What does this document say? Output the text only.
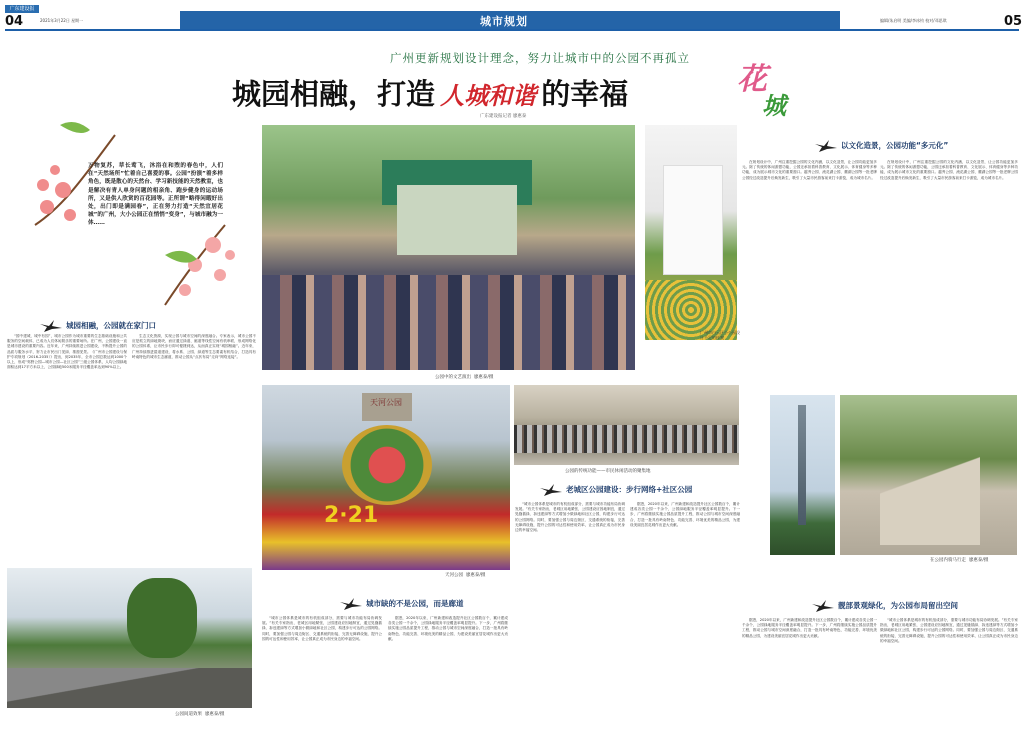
广东建设报
04	2021年3月22日 星期一	城市规划	编辑/朱启明 美编/李冰钧 校对/邓思琪	05
广州更新规划设计理念，努力让城市中的公园不再孤立
城园相融，打造 人城和谐 的幸福	花
城
广东建设报记者 廖惠泰
万物复苏，草长莺飞，沐浴在和煦的春色中，人们在“天然场所”忙着自己喜爱的事。公园“扮演”着多样角色，既是散心的天然台、学习新技能的天然教室，也是解决有青人单身问题的相亲角、跑步健身的运动场所，又是供人欣赏的百花园等。正所谓“略得闲暇好出处，出门即是满园春”，正在努力打造“天然宜居花城”的广州，大小公园正在悄悄“变身”，与城市融为一体……
城园相融，公园就在家门口

“园中建城，城中有园”，城市公园作为城市重要的生态基础设施和公共服务的空间载体，已成为人们休闲娱乐的重要场所。在广州，公园建设一直是城市建设的重要内容。近年来，广州持续推进公园建设，不断提升公园的品质与服务水平，努力让市民出门见绿、推窗见景。《广州市公园建设与保护专项规划（2016-2035）》提出，到2035年，全市公园总数达到1000个以上，形成“郊野公园—城市公园—社区公园”三级公园体系，人均公园绿地面积达到17平方米以上，公园绿地500米服务半径覆盖率达到90%以上。

生态文化资源，实现公园与城市空间的深度融合。专家表示，城市公园不应是孤立的绿地斑块，而应通过绿道、廊道等线性空间有机串联，形成网络化的公园体系，让市民步行即可便捷到达，从而真正实现“城园相融”。近年来，广州持续推进碧道建设，将水系、公园、绿道等生态要素有机结合，打造具有岭南特色的城市生态廊道，推动公园从“点状布局”走向“网络连接”。

公园中的文艺演出 廖惠泰/摄
广州市白云区小公园设计不足的样貌
以文化造景，公园功能“多元化”

在规划设计中，广州注重挖掘公园的文化内涵，以文化造景，让公园功能更加多元。除了传统的休闲游憩功能，公园还承担着科普教育、文化展示、体育健身等多种功能，成为展示城市文化的重要窗口。越秀公园、流花湖公园、麓湖公园等一批老牌公园经过改造提升后焕发新生，吸引了大量市民游客前来打卡游览，成为城市名片。

在规划设计中，广州注重挖掘公园的文化内涵，以文化造景，让公园功能更加多元。除了传统的休闲游憩功能，公园还承担着科普教育、文化展示、体育健身等多种功能，成为展示城市文化的重要窗口。越秀公园、流花湖公园、麓湖公园等一批老牌公园经过改造提升后焕发新生，吸引了大量市民游客前来打卡游览，成为城市名片。

2·21
天河公园
天河公园 廖惠泰/摄
公园的传统功能——市民休闲活动的聚集地
老城区公园建设：步行网络+社区公园

“城市公园体系是城市的有机组成部分，需要与城市功能布局协调发展。”有关专家指出，老城区用地紧张，公园建设应因地制宜，通过见缝插绿、拆违建绿等方式增加小微绿地和社区公园，构建步行可达的公园网络。同时，要加强公园与周边街区、交通系统的衔接，完善无障碍设施，提升公园的可达性和使用效率，让公园真正成为市民身边的幸福空间。

据悉，2020年以来，广州新建和改造提升社区公园数百个，累计建成各类公园一千余个，公园绿地服务半径覆盖率明显提升。下一步，广州将继续实施公园品质提升工程，推动公园与城市空间深度融合，打造一批具有岭南特色、功能完善、环境优美的精品公园，为建设美丽宜居花城作出更大贡献。

城市缺的不是公园，而是廊道

“城市公园体系是城市的有机组成部分，需要与城市功能布局协调发展。”有关专家指出，老城区用地紧张，公园建设应因地制宜，通过见缝插绿、拆违建绿等方式增加小微绿地和社区公园，构建步行可达的公园网络。同时，要加强公园与周边街区、交通系统的衔接，完善无障碍设施，提升公园的可达性和使用效率，让公园真正成为市民身边的幸福空间。

据悉，2020年以来，广州新建和改造提升社区公园数百个，累计建成各类公园一千余个，公园绿地服务半径覆盖率明显提升。下一步，广州将继续实施公园品质提升工程，推动公园与城市空间深度融合，打造一批具有岭南特色、功能完善、环境优美的精品公园，为建设美丽宜居花城作出更大贡献。

公园间道效果 廖惠泰/摄
在公园内骑马行走 廖惠泰/摄
靓部景观绿化，为公园布局留出空间

据悉，2020年以来，广州新建和改造提升社区公园数百个，累计建成各类公园一千余个，公园绿地服务半径覆盖率明显提升。下一步，广州将继续实施公园品质提升工程，推动公园与城市空间深度融合，打造一批具有岭南特色、功能完善、环境优美的精品公园，为建设美丽宜居花城作出更大贡献。

“城市公园体系是城市的有机组成部分，需要与城市功能布局协调发展。”有关专家指出，老城区用地紧张，公园建设应因地制宜，通过见缝插绿、拆违建绿等方式增加小微绿地和社区公园，构建步行可达的公园网络。同时，要加强公园与周边街区、交通系统的衔接，完善无障碍设施，提升公园的可达性和使用效率，让公园真正成为市民身边的幸福空间。
